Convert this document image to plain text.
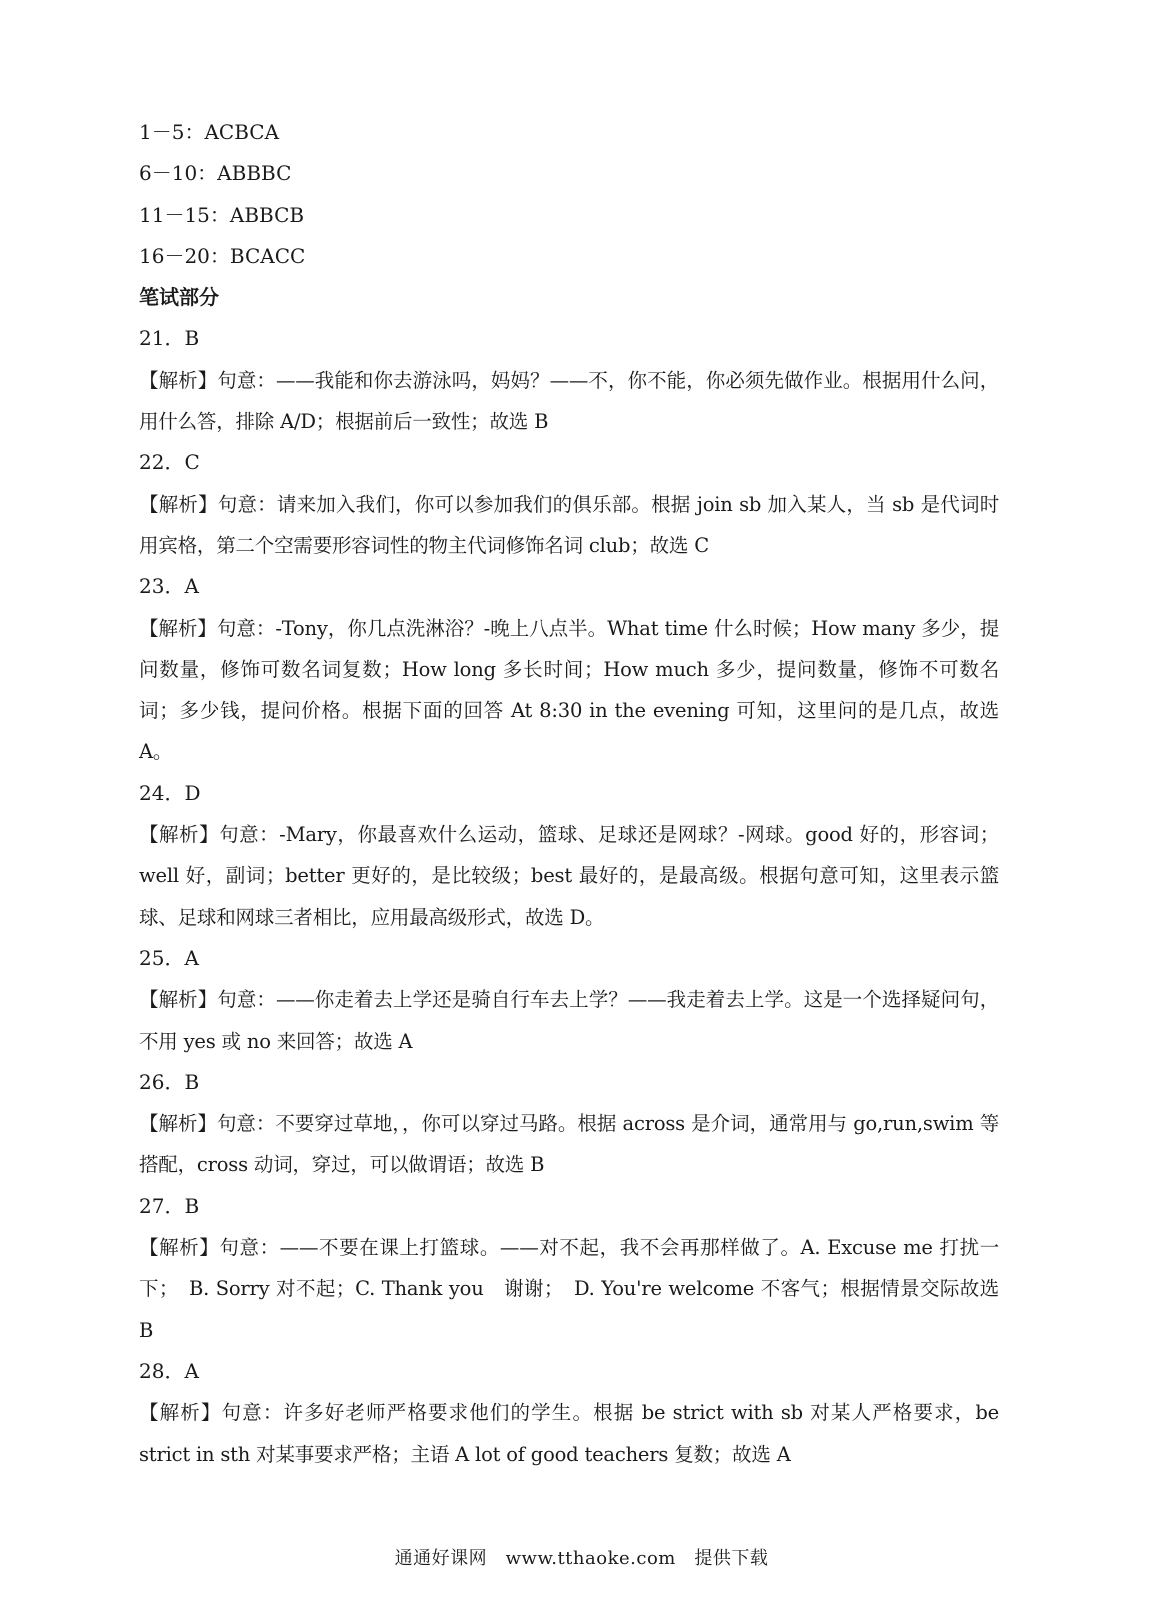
1－5：ACBCA

6－10：ABBBC

11－15：ABBCB

16－20：BCACC

笔试部分

21．B

【解析】句意：——我能和你去游泳吗，妈妈？——不，你不能，你必须先做作业。根据用什么问，用什么答，排除 A/D；根据前后一致性；故选 B

22．C

【解析】句意：请来加入我们，你可以参加我们的俱乐部。根据 join sb 加入某人，当 sb 是代词时用宾格，第二个空需要形容词性的物主代词修饰名词 club；故选 C

23．A

【解析】句意：-Tony，你几点洗淋浴？-晚上八点半。What time 什么时候；How many 多少，提问数量，修饰可数名词复数；How long 多长时间；How much 多少，提问数量，修饰不可数名词；多少钱，提问价格。根据下面的回答 At 8:30 in the evening 可知，这里问的是几点，故选 A。

24．D

【解析】句意：-Mary，你最喜欢什么运动，篮球、足球还是网球？-网球。good 好的，形容词；well 好，副词；better 更好的，是比较级；best 最好的，是最高级。根据句意可知，这里表示篮球、足球和网球三者相比，应用最高级形式，故选 D。

25．A

【解析】句意：——你走着去上学还是骑自行车去上学？——我走着去上学。这是一个选择疑问句，不用 yes 或 no 来回答；故选 A

26．B

【解析】句意：不要穿过草地，，你可以穿过马路。根据 across 是介词，通常用与 go,run,swim 等搭配，cross 动词，穿过，可以做谓语；故选 B

27．B

【解析】句意：——不要在课上打篮球。——对不起，我不会再那样做了。A. Excuse me 打扰一下；　B. Sorry 对不起；C. Thank you　谢谢；　D. You're welcome 不客气；根据情景交际故选 B

28．A

【解析】句意：许多好老师严格要求他们的学生。根据 be strict with sb 对某人严格要求，be strict in sth 对某事要求严格；主语 A lot of good teachers 复数；故选 A

通通好课网　www.tthaoke.com　提供下载
